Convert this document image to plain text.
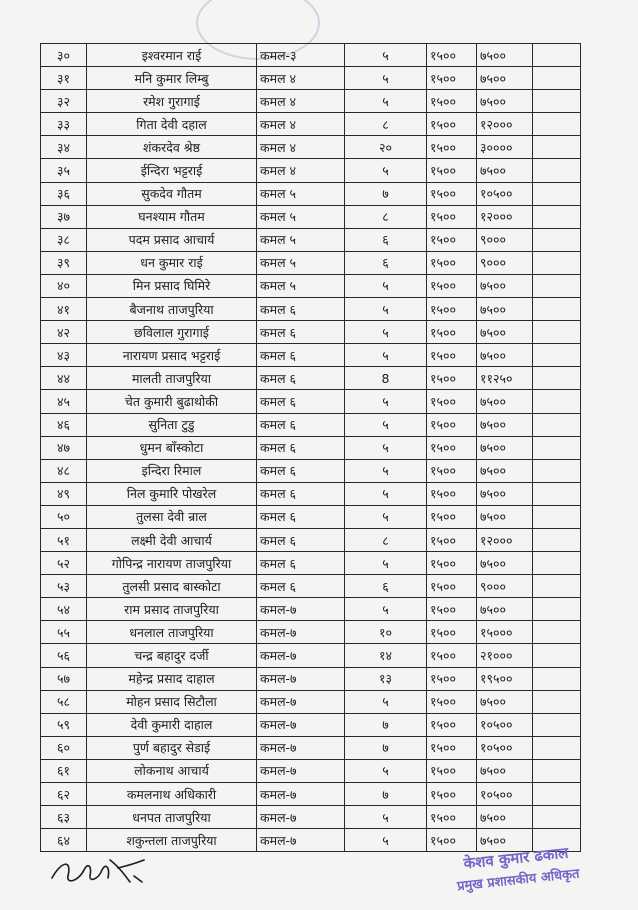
३०	इश्वरमान राई	कमल-३	५	१५००	७५००	
३१	मनि कुमार लिम्बु	कमल ४	५	१५००	७५००	
३२	रमेश गुरागाई	कमल ४	५	१५००	७५००	
३३	गिता देवी दहाल	कमल ४	८	१५००	१२०००	
३४	शंकरदेव श्रेष्ठ	कमल ४	२०	१५००	३००००	
३५	ईन्दिरा भट्टराई	कमल ४	५	१५००	७५००	
३६	सुकदेव गौतम	कमल ५	७	१५००	१०५००	
३७	घनश्याम गौतम	कमल ५	८	१५००	१२०००	
३८	पदम प्रसाद आचार्य	कमल ५	६	१५००	९०००	
३९	धन कुमार राई	कमल ५	६	१५००	९०००	
४०	मिन प्रसाद घिमिरे	कमल ५	५	१५००	७५००	
४१	बैजनाथ ताजपुरिया	कमल ६	५	१५००	७५००	
४२	छविलाल गुरागाई	कमल ६	५	१५००	७५००	
४३	नारायण प्रसाद भट्टराई	कमल ६	५	१५००	७५००	
४४	मालती ताजपुरिया	कमल ६	8	१५००	११२५०	
४५	चेत कुमारी बुढाथोकी	कमल ६	५	१५००	७५००	
४६	सुनिता टुडु	कमल ६	५	१५००	७५००	
४७	धुमन बाँस्कोटा	कमल ६	५	१५००	७५००	
४८	इन्दिरा रिमाल	कमल ६	५	१५००	७५००	
४९	निल कुमारि पोखरेल	कमल ६	५	१५००	७५००	
५०	तुलसा देवी न्राल	कमल ६	५	१५००	७५००	
५१	लक्ष्मी देवी आचार्य	कमल ६	८	१५००	१२०००	
५२	गोपिन्द्र नारायण ताजपुरिया	कमल ६	५	१५००	७५००	
५३	तुलसी प्रसाद बास्कोटा	कमल ६	६	१५००	९०००	
५४	राम प्रसाद ताजपुरिया	कमल-७	५	१५००	७५००	
५५	धनलाल ताजपुरिया	कमल-७	१०	१५००	१५०००	
५६	चन्द्र बहादुर दर्जी	कमल-७	१४	१५००	२१०००	
५७	महेन्द्र प्रसाद दाहाल	कमल-७	१३	१५००	१९५००	
५८	मोहन प्रसाद सिटौला	कमल-७	५	१५००	७५००	
५९	देवी कुमारी दाहाल	कमल-७	७	१५००	१०५००	
६०	पुर्ण बहादुर सेडाई	कमल-७	७	१५००	१०५००	
६१	लोकनाथ आचार्य	कमल-७	५	१५००	७५००	
६२	कमलनाथ अधिकारी	कमल-७	७	१५००	१०५००	
६३	धनपत ताजपुरिया	कमल-७	५	१५००	७५००	
६४	शकुन्तला ताजपुरिया	कमल-७	५	१५००	७५००	
केशव कुमार ढकाल
प्रमुख प्रशासकीय अधिकृत
